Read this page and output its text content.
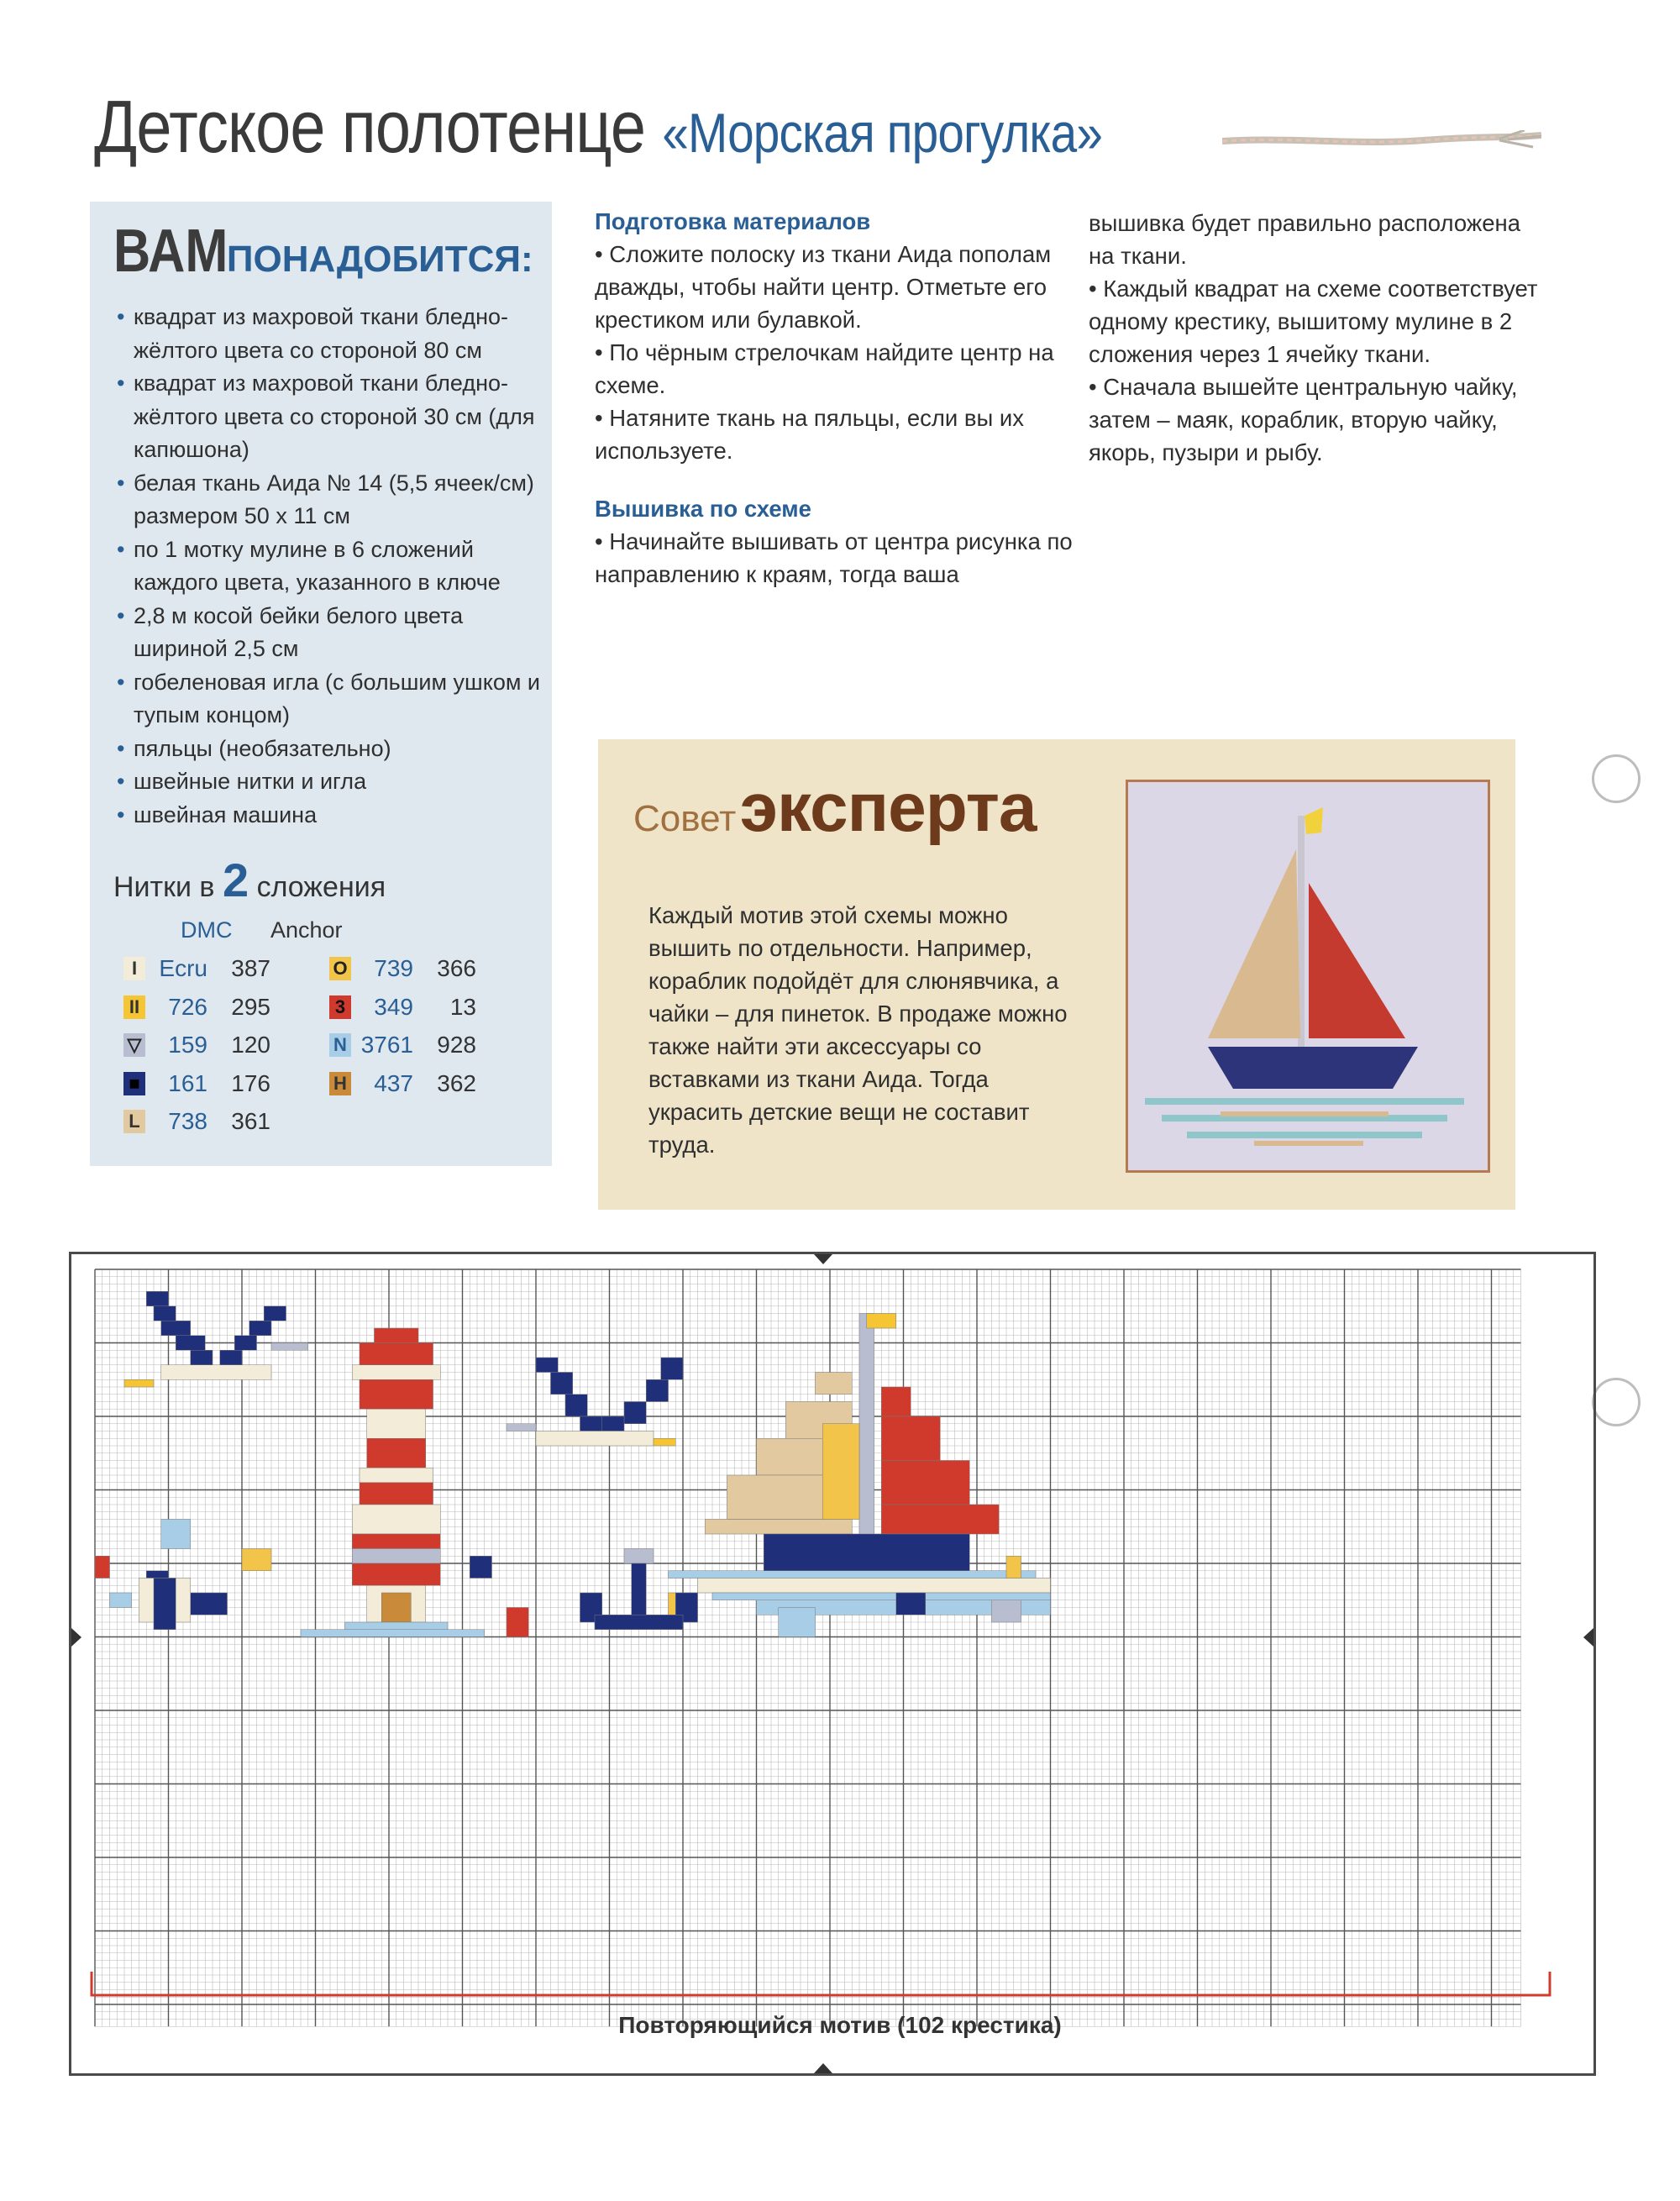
Детское полотенце «Морская прогулка»
ВАМ ПОНАДОБИТСЯ:
• квадрат из махровой ткани бледно-жёлтого цвета со стороной 80 см
• квадрат из махровой ткани бледно-жёлтого цвета со стороной 30 см (для капюшона)
• белая ткань Аида № 14 (5,5 ячеек/см) размером 50 х 11 см
• по 1 мотку мулине в 6 сложений каждого цвета, указанного в ключе
• 2,8 м косой бейки белого цвета шириной 2,5 см
• гобеленовая игла (с большим ушком и тупым концом)
• пяльцы (необязательно)
• швейные нитки и игла
• швейная машина
Нитки в 2 сложения
DMC Anchor
I Ecru	387
II	726	295
▽	159	120
■	161	176
L	738	361
O	739	366
3	349	13
N 3761	928
H	437	362

Подготовка материалов

• Сложите полоску из ткани Аида пополам дважды, чтобы найти центр. Отметьте его крестиком или булавкой.

• По чёрным стрелочкам найдите центр на схеме.

• Натяните ткань на пяльцы, если вы их используете.

Вышивка по схеме

• Начинайте вышивать от центра рисунка по направлению к краям, тогда ваша

вышивка будет правильно расположена на ткани.

• Каждый квадрат на схеме соответствует одному крестику, вышитому мулине в 2 сложения через 1 ячейку ткани.

• Сначала вышейте центральную чайку, затем – маяк, кораблик, вторую чайку, якорь, пузыри и рыбу.

Совет эксперта
Каждый мотив этой схемы можно вышить по отдельности. Например, кораблик подойдёт для слюнявчика, а чайки – для пинеток. В продаже можно также найти эти аксессуары со вставками из ткани Аида. Тогда украсить детские вещи не составит труда.
Повторяющийся мотив (102 крестика)
